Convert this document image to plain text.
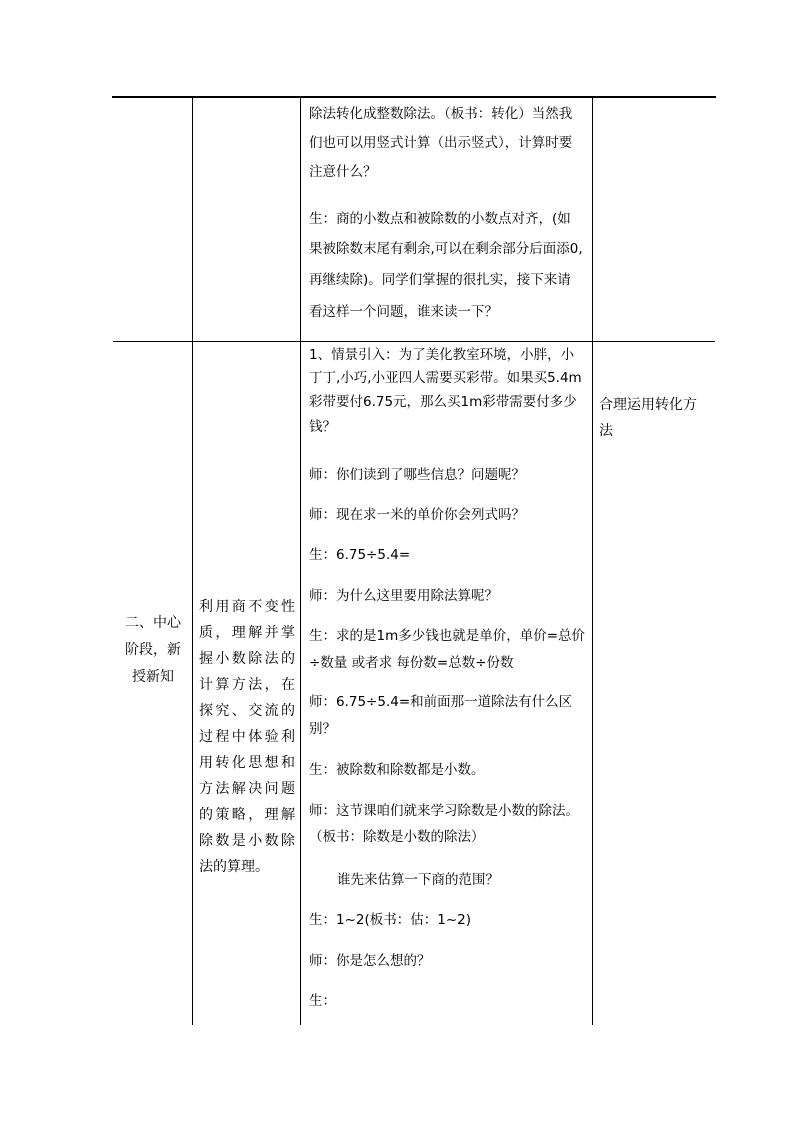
除法转化成整数除法。（板书：转化）当然我
们也可以用竖式计算（出示竖式），计算时要
注意什么？
生：商的小数点和被除数的小数点对齐，(如
果被除数末尾有剩余,可以在剩余部分后面添0,
再继续除)。同学们掌握的很扎实，接下来请
看这样一个问题，谁来读一下？
二、中心阶段，新授新知
利用商不变性质，理解并掌握小数除法的计算方法，在探究、交流的过程中体验利用转化思想和方法解决问题的策略，理解除数是小数除法的算理。
1、情景引入：为了美化教室环境，小胖，小
丁丁,小巧,小亚四人需要买彩带。如果买5.4m
彩带要付6.75元，那么买1m彩带需要付多少
钱？
师：你们读到了哪些信息？问题呢？
师：现在求一米的单价你会列式吗？
生：6.75÷5.4=
师：为什么这里要用除法算呢？
生：求的是1m多少钱也就是单价，单价=总价
÷数量 或者求 每份数=总数÷份数
师：6.75÷5.4=和前面那一道除法有什么区
别？
生：被除数和除数都是小数。
师：这节课咱们就来学习除数是小数的除法。
（板书：除数是小数的除法）
谁先来估算一下商的范围？
生：1~2(板书：估：1~2)
师：你是怎么想的？
生：
合理运用转化方法
